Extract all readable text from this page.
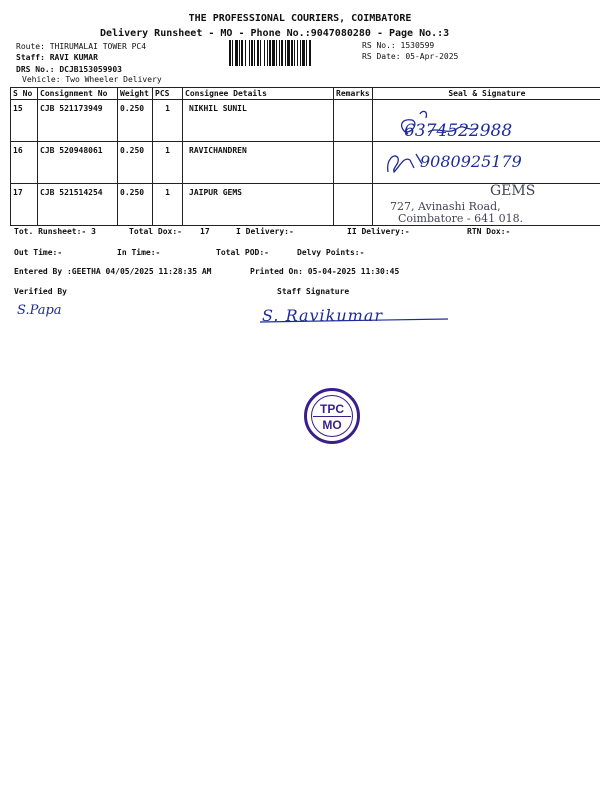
THE PROFESSIONAL COURIERS, COIMBATORE
Delivery Runsheet - MO - Phone No.:9047080280 - Page No.:3
Route: THIRUMALAI TOWER PC4
Staff: RAVI KUMAR
DRS No.: DCJB153059903
Vehicle: Two Wheeler Delivery
RS No.: 1530599
RS Date: 05-Apr-2025
S No	Consignment No	Weight	PCS	Consignee Details	Remarks	Seal & Signature
15	CJB 521173949	0.250	1	NIKHIL SUNIL		
16	CJB 520948061	0.250	1	RAVICHANDREN		
17	CJB 521514254	0.250	1	JAIPUR GEMS		
6374522988
9080925179
GEMS
727, Avinashi Road,
Coimbatore - 641 018.
Tot. Runsheet:- 3	Total Dox:- 17	I Delivery:-	II Delivery:-	RTN Dox:-
Out Time:-	In Time:-	Total POD:-	Delvy Points:-
Entered By :GEETHA 04/05/2025 11:28:35 AM	Printed On: 05-04-2025 11:30:45
Verified By	Staff Signature
S.Papa	S. Ravikumar
TPC
MO
